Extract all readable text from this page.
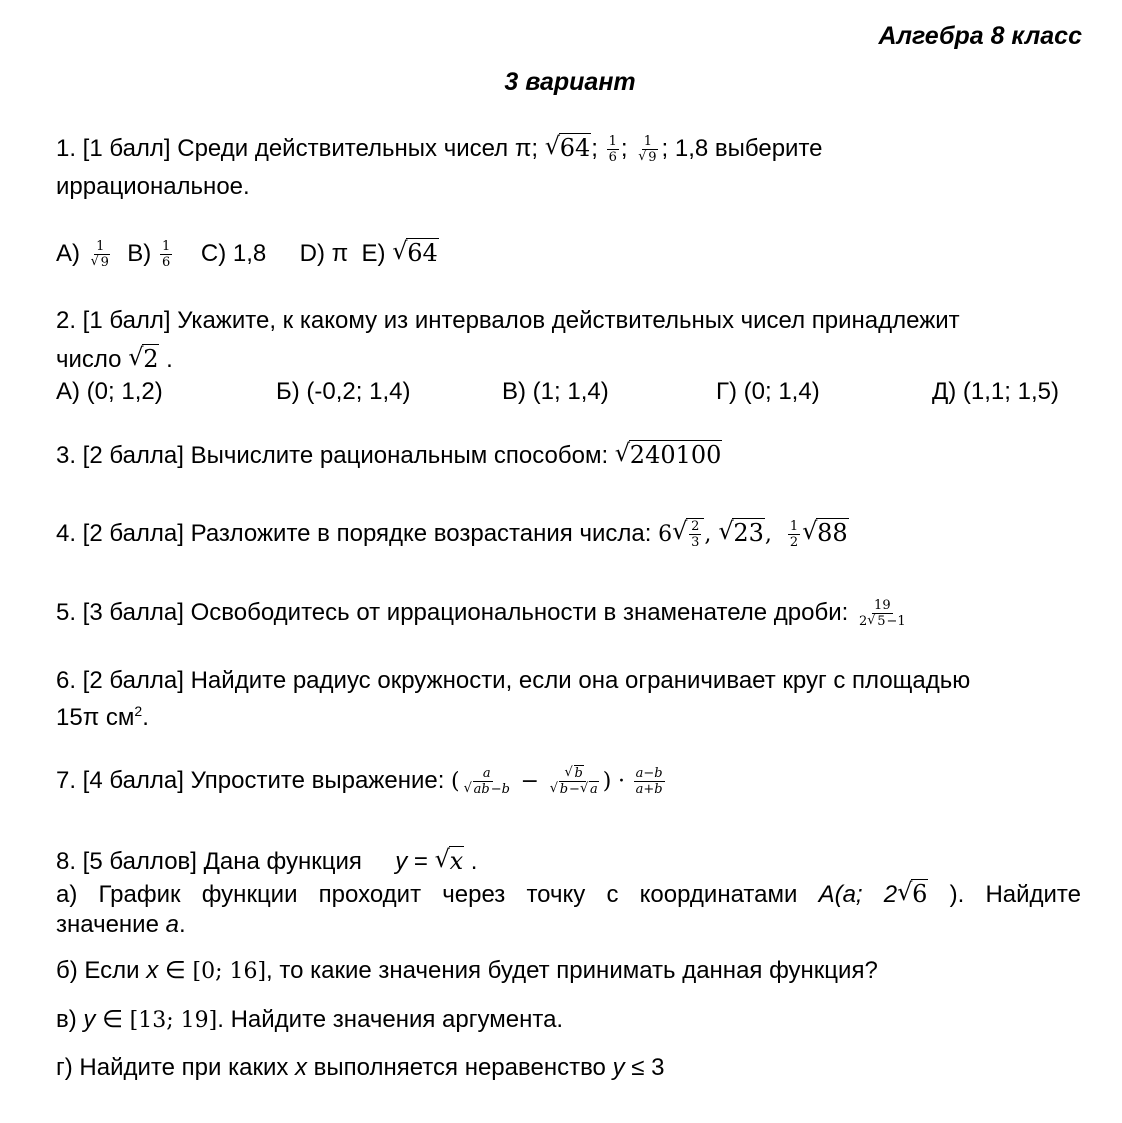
Алгебра 8 класс
3 вариант
1. [1 балл] Среди действительных чисел π; √ 64; $\frac{1}{6}$ ; 1
√ 9 ; 1,8 выберите
иррациональное.
A) 1
√ 9 $B) \frac{1}{6} C$) 1,8 D) π E) √ 64
2. [1 балл] Укажите, к какому из интервалов действительных чисел принадлежит
число √ 2 .
А) (0; 1,2)	Б) (-0,2; 1,4)	В) (1; 1,4)	Г) (0; 1,4)	Д) (1,1; 1,5)
3. [2 балла] Вычислите рациональным способом: √ 240100
4. [2 балла] Разложите в порядке возрастания числа: 6 √ $\frac{2}{3}$ , √ 23, $\frac{1}{2}$ √ 88
5. [3 балла] Освободитесь от иррациональности в знаменателе дроби: $\frac{19}{2 √ 5-1}$
6. [2 балла] Найдите радиус окружности, если она ограничивает круг с площадью
15π $см^2$.
7. [4 балла] Упростите выражение: ( a
√ ab−b − √ b
√ b− √ a ) · $\frac{a-b}{a+b}$
8. [5 баллов] Дана функция y = √ x .
а) График функции проходит через точку с координатами A(a; 2 √ 6 ). Найдите
значение a.
б) Если x ∈ [0; 16], то какие значения будет принимать данная функция?
в) y ∈ [13; 19]. Найдите значения аргумента.
г) Найдите при каких x выполняется неравенство y ≤ 3
